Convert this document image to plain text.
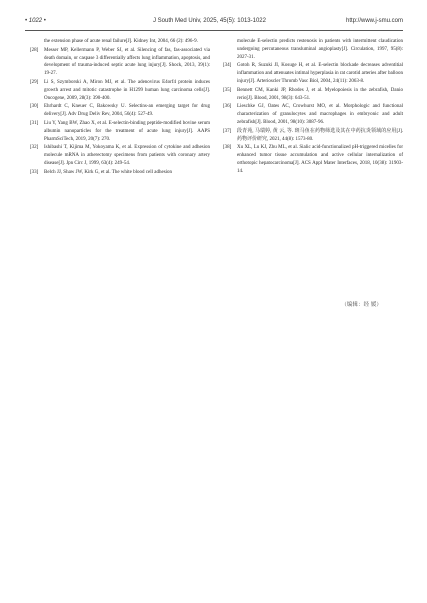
• 1022 •	J South Med Univ, 2025, 45(5): 1013-1022	http://www.j-smu.com
the extension phase of acute renal failure[J]. Kidney Int, 2004, 66 (2): 496-9.
[28] Messer MP, Kellermann P, Weber SJ, et al. Silencing of fas, fas-associated via death domain, or caspase 3 differentially affects lung inflammation, apoptosis, and development of trauma-induced septic acute lung injury[J]. Shock, 2013, 39(1): 19-27.
[29] Li S, Szymborski A, Miron MJ, et al. The adenovirus E4orf4 protein induces growth arrest and mitotic catastrophe in H1299 human lung carcinoma cells[J]. Oncogene, 2009, 28(3): 390-400.
[30] Ehrhardt C, Kneuer C, Bakowsky U. Selectins-an emerging target for drug delivery[J]. Adv Drug Deliv Rev, 2004, 56(4): 527-49.
[31] Liu Y, Yang BW, Zhao X, et al. E-selectin-binding peptide-modified bovine serum albumin nanoparticles for the treatment of acute lung injury[J]. AAPS PharmSciTech, 2019, 20(7): 270.
[32] Ishibashi T, Kijima M, Yokoyama K, et al. Expression of cytokine and adhesion molecule mRNA in atherectomy specimens from patients with coronary artery disease[J]. Jpn Circ J, 1999, 63(4): 249-54.
[33] Belch JJ, Shaw JW, Kirk G, et al. The white blood cell adhesion
molecule E-selectin predicts restenosis in patients with intermittent claudication undergoing percutaneous transluminal angioplasty[J]. Circulation, 1997, 95(8): 2027-31.
[34] Gotoh R, Suzuki JI, Kosuge H, et al. E-selectin blockade decreases adventitial inflammation and attenuates intimal hyperplasia in rat carotid arteries after balloon injury[J]. Arterioscler Thromb Vasc Biol, 2004, 24(11): 2063-8.
[35] Bennett CM, Kanki JP, Rhodes J, et al. Myelopoiesis in the zebrafish, Danio rerio[J]. Blood, 2001, 98(3): 643-51.
[36] Lieschke GJ, Oates AC, Crowhurst MO, et al. Morphologic and functional characterization of granulocytes and macrophages in embryonic and adult zebrafish[J]. Blood, 2001, 98(10): 3087-96.
[37] 段青苑, 马瑞婷, 黄 云, 等. 斑马鱼在药物筛选及其在中药抗炎领域的应用[J]. 药物评价研究, 2021, 44(8): 1573-80.
[38] Xu XL, Lu KJ, Zhu ML, et al. Sialic acid-functionalized pH-triggered micelles for enhanced tumor tissue accumulation and active cellular internalization of orthotopic hepatocarcinoma[J]. ACS Appl Mater Interfaces, 2018, 10(38): 31903-14.
（编辑：经 媛）
